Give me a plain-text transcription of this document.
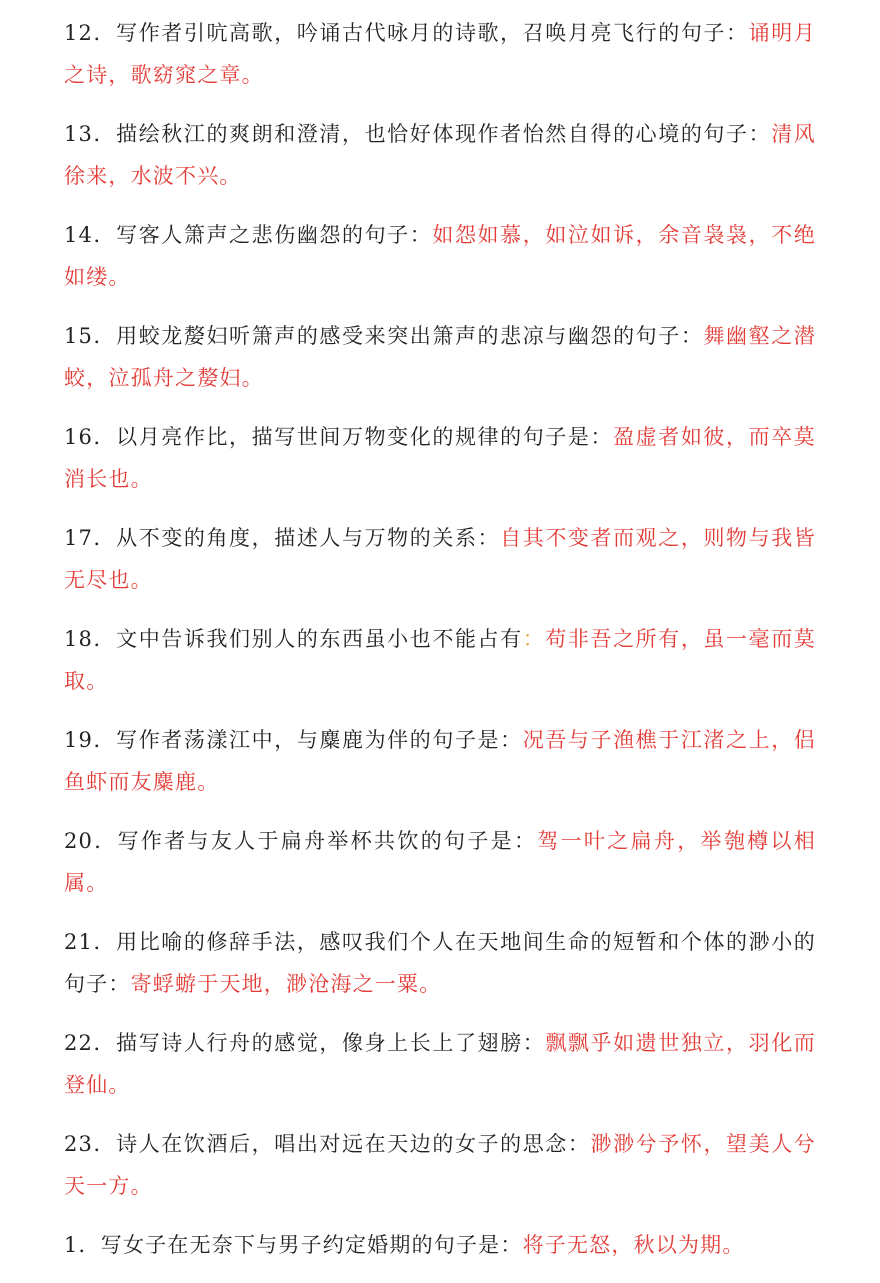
12．写作者引吭高歌，吟诵古代咏月的诗歌，召唤月亮飞行的句子：诵明月之诗，歌窈窕之章。

13．描绘秋江的爽朗和澄清，也恰好体现作者怡然自得的心境的句子：清风徐来，水波不兴。

14．写客人箫声之悲伤幽怨的句子：如怨如慕，如泣如诉，余音袅袅，不绝如缕。

15．用蛟龙嫠妇听箫声的感受来突出箫声的悲凉与幽怨的句子：舞幽壑之潜蛟，泣孤舟之嫠妇。

16．以月亮作比，描写世间万物变化的规律的句子是：盈虚者如彼，而卒莫消长也。

17．从不变的角度，描述人与万物的关系：自其不变者而观之，则物与我皆无尽也。

18．文中告诉我们别人的东西虽小也不能占有：苟非吾之所有，虽一毫而莫取。

19．写作者荡漾江中，与麋鹿为伴的句子是：况吾与子渔樵于江渚之上，侣鱼虾而友麋鹿。

20．写作者与友人于扁舟举杯共饮的句子是：驾一叶之扁舟，举匏樽以相属。

21．用比喻的修辞手法，感叹我们个人在天地间生命的短暂和个体的渺小的句子：寄蜉蝣于天地，渺沧海之一粟。

22．描写诗人行舟的感觉，像身上长上了翅膀：飘飘乎如遗世独立，羽化而登仙。

23．诗人在饮酒后，唱出对远在天边的女子的思念：渺渺兮予怀，望美人兮天一方。

1．写女子在无奈下与男子约定婚期的句子是：将子无怒，秋以为期。
